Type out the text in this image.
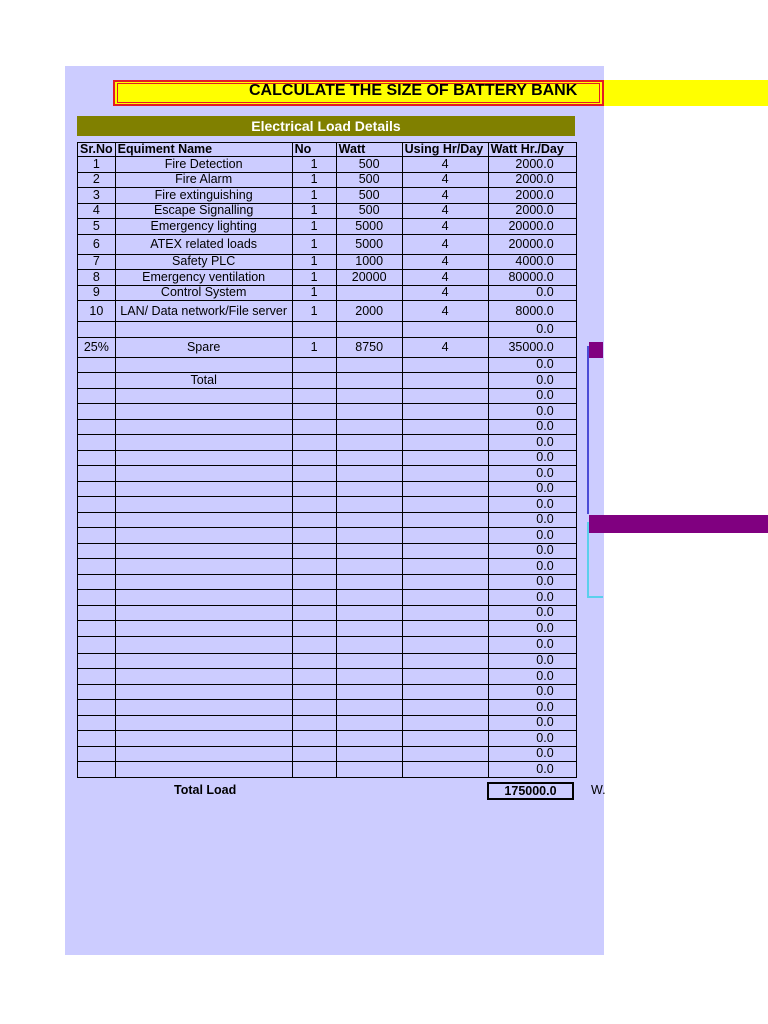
CALCULATE THE SIZE OF BATTERY BANK
Electrical Load Details
Sr.No	Equiment Name	No	Watt	Using Hr/Day	Watt Hr./Day
1	Fire Detection	1	500	4	2000.0
2	Fire Alarm	1	500	4	2000.0
3	Fire extinguishing	1	500	4	2000.0
4	Escape Signalling	1	500	4	2000.0
5	Emergency lighting	1	5000	4	20000.0
6	ATEX related loads	1	5000	4	20000.0
7	Safety PLC	1	1000	4	4000.0
8	Emergency ventilation	1	20000	4	80000.0
9	Control System	1		4	0.0
10	LAN/ Data network/File server	1	2000	4	8000.0
					0.0
25%	Spare	1	8750	4	35000.0
					0.0
	Total				0.0
					0.0
					0.0
					0.0
					0.0
					0.0
					0.0
					0.0
					0.0
					0.0
					0.0
					0.0
					0.0
					0.0
					0.0
					0.0
					0.0
					0.0
					0.0
					0.0
					0.0
					0.0
					0.0
					0.0
					0.0
					0.0
Total Load	175000.0	W.
